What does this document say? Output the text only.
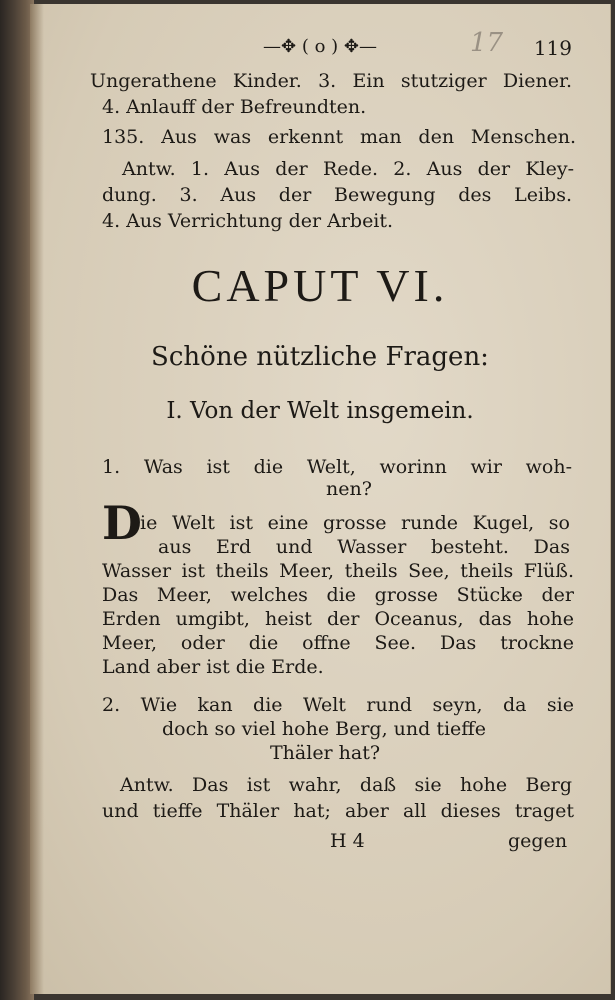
—✥ ( o ) ✥—	17 119
Ungerathene Kinder. 3. Ein stutziger Diener.
4. Anlauff der Befreundten.
135. Aus was erkennt man den Menschen.
Antw. 1. Aus der Rede. 2. Aus der Kley-
dung. 3. Aus der Bewegung des Leibs.
4. Aus Verrichtung der Arbeit.
CAPUT VI.
Schöne nützliche Fragen:
I. Von der Welt insgemein.
1. Was ist die Welt, worinn wir woh-
nen?
D
ie Welt ist eine grosse runde Kugel, so
aus Erd und Wasser besteht. Das
Wasser ist theils Meer, theils See, theils Flüß.
Das Meer, welches die grosse Stücke der
Erden umgibt, heist der Oceanus, das hohe
Meer, oder die offne See. Das trockne
Land aber ist die Erde.
2. Wie kan die Welt rund seyn, da sie
doch so viel hohe Berg, und tieffe
Thäler hat?
Antw. Das ist wahr, daß sie hohe Berg
und tieffe Thäler hat; aber all dieses traget
H 4	gegen
